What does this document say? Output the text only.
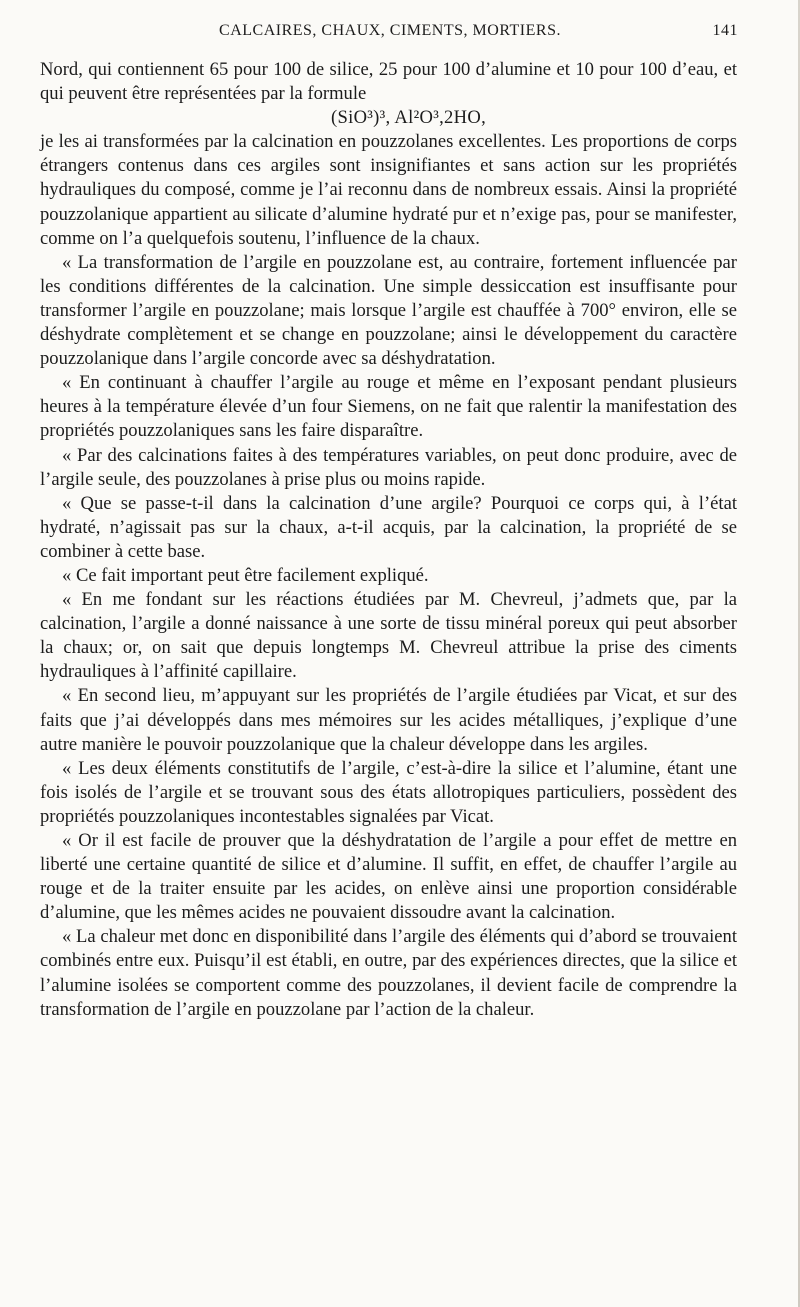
CALCAIRES, CHAUX, CIMENTS, MORTIERS.	141

Nord, qui contiennent 65 pour 100 de silice, 25 pour 100 d’alumine et 10 pour 100 d’eau, et qui peuvent être représentées par la formule

(SiO³)³, Al²O³,2HO,

je les ai transformées par la calcination en pouzzolanes excellentes. Les proportions de corps étrangers contenus dans ces argiles sont insignifiantes et sans action sur les propriétés hydrauliques du composé, comme je l’ai reconnu dans de nombreux essais. Ainsi la propriété pouzzolanique appartient au silicate d’alumine hydraté pur et n’exige pas, pour se manifester, comme on l’a quelquefois soutenu, l’influence de la chaux.

« La transformation de l’argile en pouzzolane est, au contraire, fortement influencée par les conditions différentes de la calcination. Une simple dessiccation est insuffisante pour transformer l’argile en pouzzolane; mais lorsque l’argile est chauffée à 700° environ, elle se déshydrate complètement et se change en pouzzolane; ainsi le développement du caractère pouzzolanique dans l’argile concorde avec sa déshydratation.

« En continuant à chauffer l’argile au rouge et même en l’exposant pendant plusieurs heures à la température élevée d’un four Siemens, on ne fait que ralentir la manifestation des propriétés pouzzolaniques sans les faire disparaître.

« Par des calcinations faites à des températures variables, on peut donc produire, avec de l’argile seule, des pouzzolanes à prise plus ou moins rapide.

« Que se passe-t-il dans la calcination d’une argile? Pourquoi ce corps qui, à l’état hydraté, n’agissait pas sur la chaux, a-t-il acquis, par la calcination, la propriété de se combiner à cette base.

« Ce fait important peut être facilement expliqué.

« En me fondant sur les réactions étudiées par M. Chevreul, j’admets que, par la calcination, l’argile a donné naissance à une sorte de tissu minéral poreux qui peut absorber la chaux; or, on sait que depuis longtemps M. Chevreul attribue la prise des ciments hydrauliques à l’affinité capillaire.

« En second lieu, m’appuyant sur les propriétés de l’argile étudiées par Vicat, et sur des faits que j’ai développés dans mes mémoires sur les acides métalliques, j’explique d’une autre manière le pouvoir pouzzolanique que la chaleur développe dans les argiles.

« Les deux éléments constitutifs de l’argile, c’est-à-dire la silice et l’alumine, étant une fois isolés de l’argile et se trouvant sous des états allotropiques particuliers, possèdent des propriétés pouzzolaniques incontestables signalées par Vicat.

« Or il est facile de prouver que la déshydratation de l’argile a pour effet de mettre en liberté une certaine quantité de silice et d’alumine. Il suffit, en effet, de chauffer l’argile au rouge et de la traiter ensuite par les acides, on enlève ainsi une proportion considérable d’alumine, que les mêmes acides ne pouvaient dissoudre avant la calcination.

« La chaleur met donc en disponibilité dans l’argile des éléments qui d’abord se trouvaient combinés entre eux. Puisqu’il est établi, en outre, par des expériences directes, que la silice et l’alumine isolées se comportent comme des pouzzolanes, il devient facile de comprendre la transformation de l’argile en pouzzolane par l’action de la chaleur.
